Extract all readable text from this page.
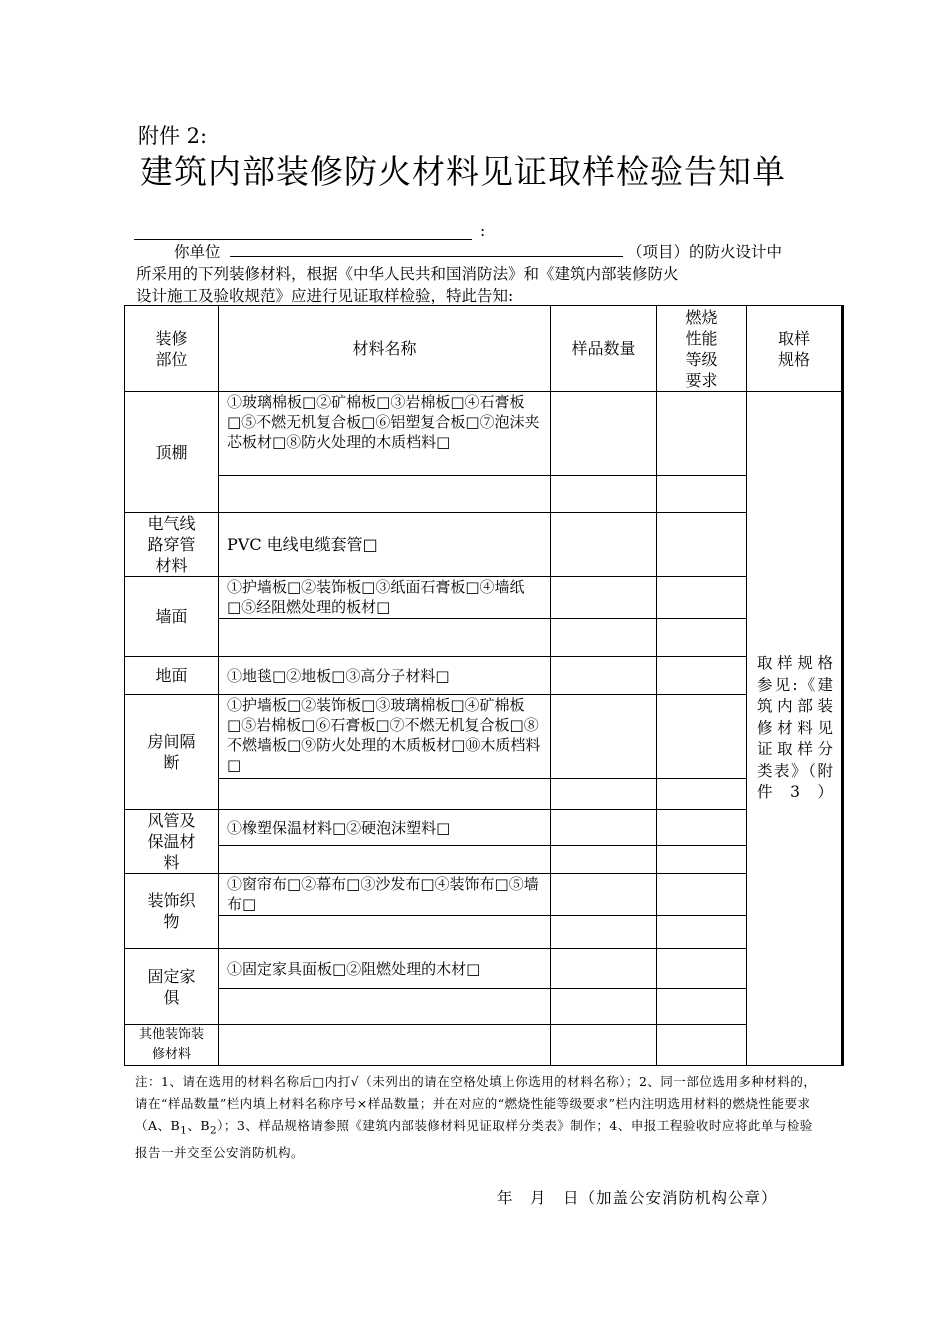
附件 2:
建筑内部装修防火材料见证取样检验告知单
:
你单位	（项目）的防火设计中
所采用的下列装修材料，根据《中华人民共和国消防法》和《建筑内部装修防火
设计施工及验收规范》应进行见证取样检验，特此告知:
装修部位	材料名称	样品数量	燃烧性能等级要求	取样规格
顶棚	①玻璃棉板□②矿棉板□③岩棉板□④石膏板□⑤不燃无机复合板□⑥铝塑复合板□⑦泡沫夹芯板材□⑧防火处理的木质档料□			取样规格参见:《建筑内部装修材料见证取样分类表》（附件3）

电气线路穿管材料	PVC 电线电缆套管□			
墙面	①护墙板□②装饰板□③纸面石膏板□④墙纸□⑤经阻燃处理的板材□			

地面	①地毯□②地板□③高分子材料□			
房间隔断	①护墙板□②装饰板□③玻璃棉板□④矿棉板□⑤岩棉板□⑥石膏板□⑦不燃无机复合板□⑧不燃墙板□⑨防火处理的木质板材□⑩木质档料□			

风管及保温材料	①橡塑保温材料□②硬泡沫塑料□			

装饰织物	①窗帘布□②幕布□③沙发布□④装饰布□⑤墙布□			

固定家俱	①固定家具面板□②阻燃处理的木材□			

其他装饰装修材料				
注：1、请在选用的材料名称后□内打√（未列出的请在空格处填上你选用的材料名称）；2、同一部位选用多种材料的，请在“样品数量”栏内填上材料名称序号×样品数量；并在对应的“燃烧性能等级要求”栏内注明选用材料的燃烧性能要求（A、$B_1$、$B_2$）；3、样品规格请参照《建筑内部装修材料见证取样分类表》制作；4、申报工程验收时应将此单与检验报告一并交至公安消防机构。
年　月　日（加盖公安消防机构公章）
